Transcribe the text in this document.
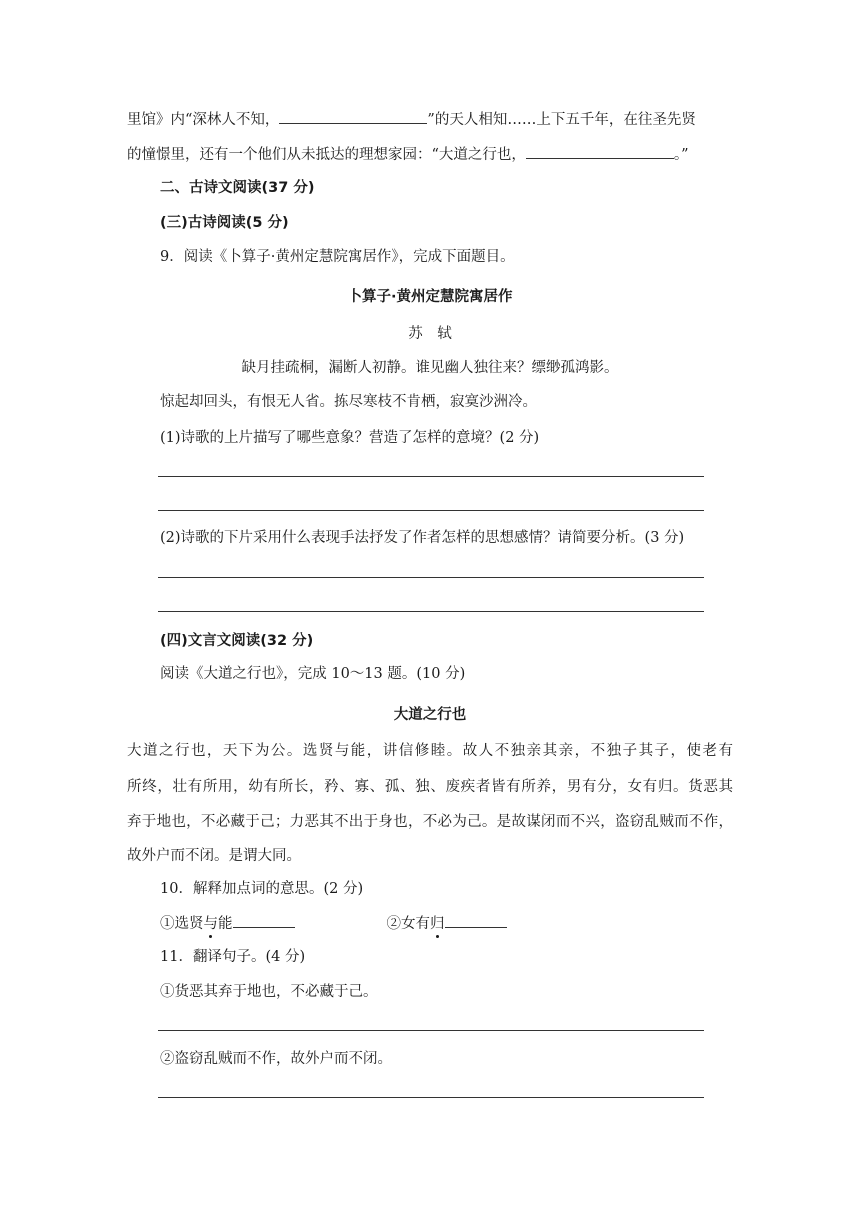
里馆》内“深林人不知，	”的天人相知……上下五千年，在往圣先贤
的憧憬里，还有一个他们从未抵达的理想家园：“大道之行也，	。”
二、古诗文阅读(37 分)
(三)古诗阅读(5 分)
9．阅读《卜算子·黄州定慧院寓居作》，完成下面题目。
卜算子·黄州定慧院寓居作
苏　轼
缺月挂疏桐，漏断人初静。谁见幽人独往来？缥缈孤鸿影。
惊起却回头，有恨无人省。拣尽寒枝不肯栖，寂寞沙洲冷。
(1)诗歌的上片描写了哪些意象？营造了怎样的意境？(2 分)
(2)诗歌的下片采用什么表现手法抒发了作者怎样的思想感情？请简要分析。(3 分)
(四)文言文阅读(32 分)
阅读《大道之行也》，完成 10～13 题。(10 分)
大道之行也
大道之行也，天下为公。选贤与能，讲信修睦。故人不独亲其亲，不独子其子，使老有
所终，壮有所用，幼有所长，矜、寡、孤、独、废疾者皆有所养，男有分，女有归。货恶其
弃于地也，不必藏于己；力恶其不出于身也，不必为己。是故谋闭而不兴，盗窃乱贼而不作，
故外户而不闭。是谓大同。
10．解释加点词的意思。(2 分)
①选贤与能	②女有归
11．翻译句子。(4 分)
①货恶其弃于地也，不必藏于己。
②盗窃乱贼而不作，故外户而不闭。
